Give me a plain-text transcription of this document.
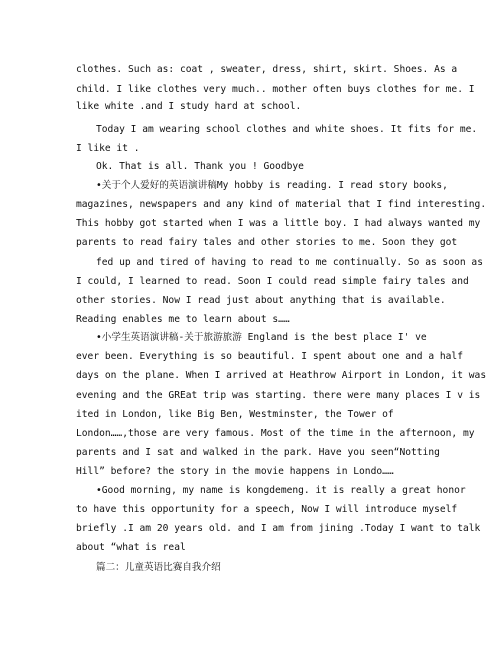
clothes. Such as: coat , sweater, dress, shirt, skirt. Shoes. As a
child. I like clothes very much.. mother often buys clothes for me. I
like white .and I study hard at school.
Today I am wearing school clothes and white shoes. It fits for me.
I like it .
Ok. That is all. Thank you ! Goodbye
•关于个人爱好的英语演讲稿My hobby is reading. I read story books,
magazines, newspapers and any kind of material that I find interesting.
This hobby got started when I was a little boy. I had always wanted my
parents to read fairy tales and other stories to me. Soon they got
fed up and tired of having to read to me continually. So as soon as
I could, I learned to read. Soon I could read simple fairy tales and
other stories. Now I read just about anything that is available.
Reading enables me to learn about s……
•小学生英语演讲稿-关于旅游旅游 England is the best place I' ve
ever been. Everything is so beautiful. I spent about one and a half
days on the plane. When I arrived at Heathrow Airport in London, it was
evening and the GREat trip was starting. there were many places I v is
ited in London, like Big Ben, Westminster, the Tower of
London……,those are very famous. Most of the time in the afternoon, my
parents and I sat and walked in the park. Have you seen“Notting
Hill” before? the story in the movie happens in Londo……
•Good morning, my name is kongdemeng. it is really a great honor
to have this opportunity for a speech, Now I will introduce myself
briefly .I am 20 years old. and I am from jining .Today I want to talk
about “what is real
篇二：儿童英语比赛自我介绍
